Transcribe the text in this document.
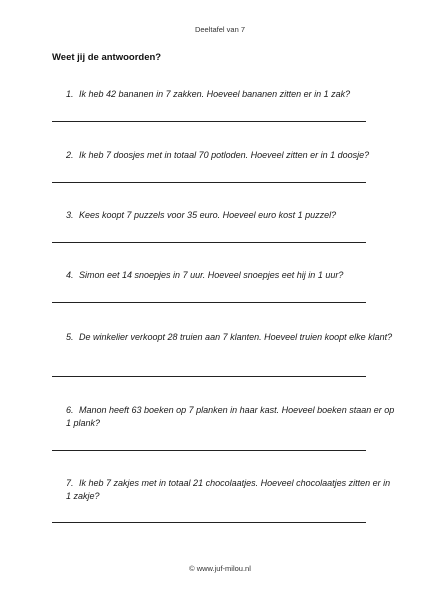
Deeltafel van 7
Weet jij de antwoorden?
1. Ik heb 42 bananen in 7 zakken. Hoeveel bananen zitten er in 1 zak?
2. Ik heb 7 doosjes met in totaal 70 potloden. Hoeveel zitten er in 1 doosje?
3. Kees koopt 7 puzzels voor 35 euro. Hoeveel euro kost 1 puzzel?
4. Simon eet 14 snoepjes in 7 uur. Hoeveel snoepjes eet hij in 1 uur?
5. De winkelier verkoopt 28 truien aan 7 klanten. Hoeveel truien koopt elke klant?
6. Manon heeft 63 boeken op 7 planken in haar kast. Hoeveel boeken staan er op 1 plank?
7. Ik heb 7 zakjes met in totaal 21 chocolaatjes. Hoeveel chocolaatjes zitten er in 1 zakje?
© www.juf-milou.nl
